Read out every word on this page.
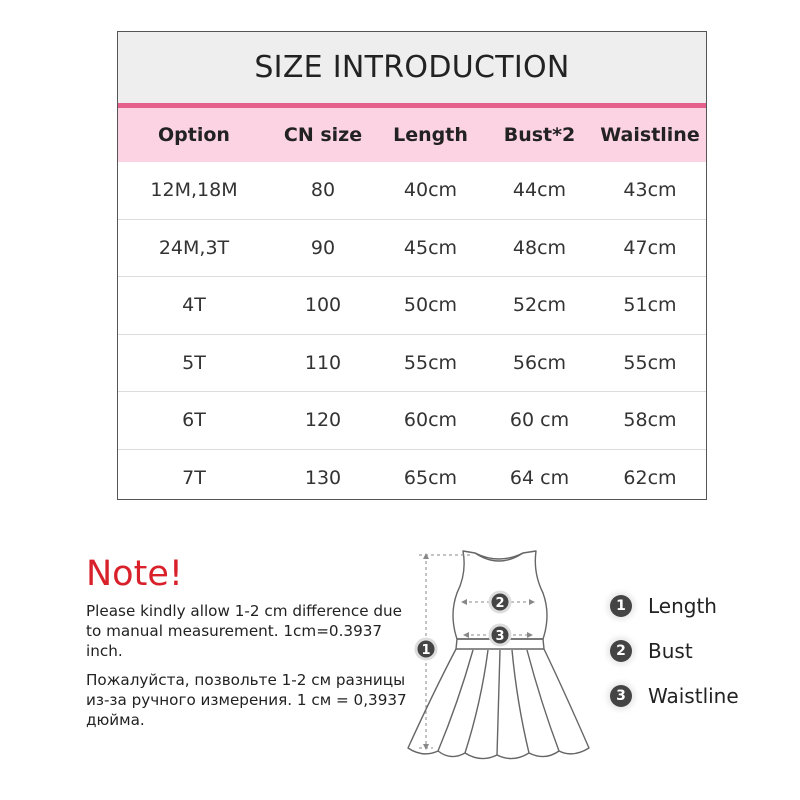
SIZE INTRODUCTION
Option	CN size	Length	Bust*2	Waistline
12M,18M	80	40cm	44cm	43cm
24M,3T	90	45cm	48cm	47cm
4T	100	50cm	52cm	51cm
5T	110	55cm	56cm	55cm
6T	120	60cm	60 cm	58cm
7T	130	65cm	64 cm	62cm
Note!

Please kindly allow 1-2 cm difference due to manual measurement. 1cm=0.3937 inch.

Пожалуйста, позвольте 1-2 см разницы из-за ручного измерения. 1 см = 0,3937 дюйма.

1
2
3
1	Length
2	Bust
3	Waistline
